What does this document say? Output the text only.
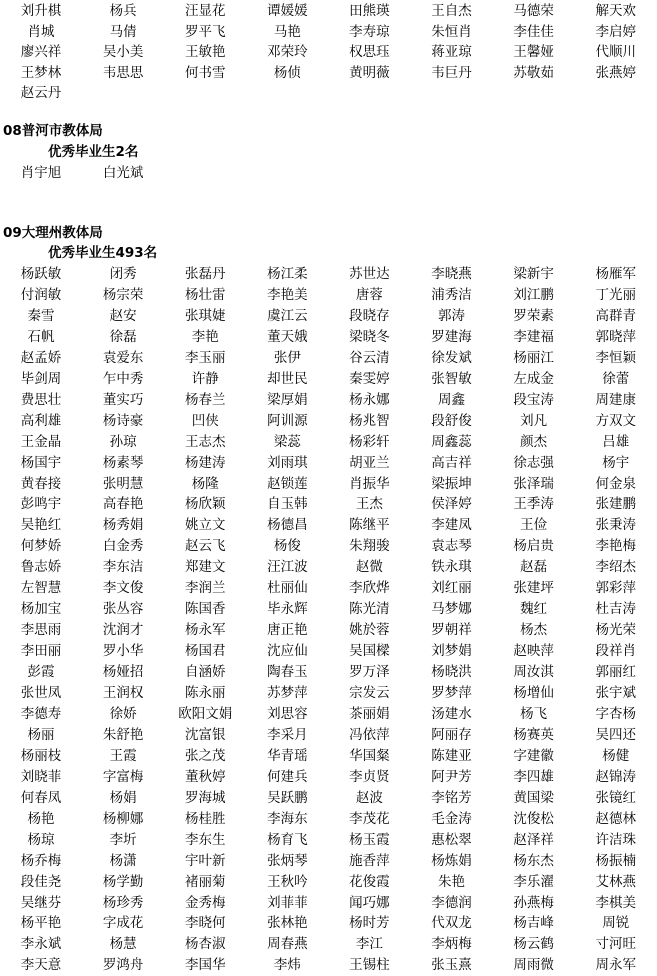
刘升棋	杨兵	汪显花	谭媛媛	田熊瑛	王自杰	马德荣	解天欢
肖城	马倩	罗平飞	马艳	李寿琼	朱恒肖	李佳佳	李启婷
廖兴祥	吴小美	王敏艳	邓荣玲	权思珏	蒋亚琼	王馨娅	代顺川
王梦林	韦思思	何书雪	杨侦	黄明薇	韦巨丹	苏敬茹	张燕婷
赵云丹
08普河市教体局
优秀毕业生2名
肖宇旭	白光斌
09大理州教体局
优秀毕业生493名
杨跃敏	闭秀	张磊丹	杨江柔	苏世达	李晓燕	梁新宇	杨雁军
付润敏	杨宗荣	杨壮雷	李艳美	唐蓉	浦秀洁	刘江鹏	丁光丽
秦雪	赵安	张琪婕	虞江云	段晓存	郭涛	罗荣素	高群青
石帆	徐磊	李艳	董天娥	梁晓冬	罗建海	李建福	郭晓萍
赵孟娇	袁爱东	李玉丽	张伊	谷云清	徐发斌	杨丽江	李恒颖
毕剑周	乍中秀	许静	却世民	秦雯婷	张智敏	左成金	徐蕾
费思壮	董实巧	杨春兰	梁厚娟	杨永娜	周鑫	段宝涛	周建康
高利雄	杨诗豪	凹侠	阿训源	杨兆智	段舒俊	刘凡	方双文
王金晶	孙琼	王志杰	梁蕊	杨彩轩	周鑫蕊	颜杰	吕雄
杨国宇	杨素琴	杨建涛	刘雨琪	胡亚兰	高吉祥	徐志强	杨宇
黄春接	张明慧	杨隆	赵锁莲	肖振华	梁振坤	张泽瑞	何金泉
彭鸣宇	高春艳	杨欣颖	自玉韩	王杰	侯泽婷	王季涛	张建鹏
吴艳红	杨秀娟	姚立文	杨德昌	陈继平	李建凤	王俭	张秉涛
何梦娇	白金秀	赵云飞	杨俊	朱翔骏	袁志琴	杨启贵	李艳梅
鲁志娇	李东洁	郑建文	汪江波	赵微	铁永琪	赵磊	李绍杰
左智慧	李文俊	李润兰	杜丽仙	李欣烨	刘红丽	张建坪	郭彩萍
杨加宝	张丛容	陈国香	毕永辉	陈光清	马梦娜	魏红	杜吉涛
李思雨	沈润才	杨永军	唐正艳	姚於蓉	罗朝祥	杨杰	杨光荣
李田丽	罗小华	杨国君	沈应仙	吴国樑	刘梦娟	赵映萍	段祥肖
彭霞	杨娅招	自涵娇	陶春玉	罗万泽	杨晓洪	周汝淇	郭丽红
张世凤	王润权	陈永丽	苏梦萍	宗发云	罗梦萍	杨增仙	张宇斌
李德寿	徐娇	欧阳文娟	刘思容	茶丽娟	汤建水	杨飞	字杏杨
杨丽	朱舒艳	沈富银	李采月	冯依萍	阿丽存	杨赛英	吴四还
杨丽枝	王霞	张之茂	华青瑶	华国粲	陈建亚	字建徽	杨健
刘晓菲	字富梅	董秋婷	何建兵	李贞贤	阿尹芳	李四雄	赵锦涛
何春凤	杨娟	罗海城	吴跃鹏	赵波	李铭芳	黄国梁	张镜红
杨艳	杨柳娜	杨桂胜	李海东	李茂花	毛金涛	沈俊松	赵德林
杨琼	李圻	李东生	杨育飞	杨玉霞	惠松翠	赵泽祥	许洁珠
杨乔梅	杨潇	宇叶新	张炳琴	施香萍	杨炼娟	杨东杰	杨振楠
段佳尧	杨学勤	褚丽菊	王秋吟	花俊霞	朱艳	李乐濯	艾林燕
吴继芬	杨珍秀	金秀梅	刘菲菲	闻巧娜	李德润	孙燕梅	李棋美
杨平艳	字成花	李晓何	张林艳	杨时芳	代双龙	杨吉峰	周锐
李永斌	杨慧	杨杏淑	周春燕	李江	李炳梅	杨云鹤	寸河旺
李天意	罗鸿舟	李国华	李炜	王锡柱	张玉熹	周雨微	周永军
